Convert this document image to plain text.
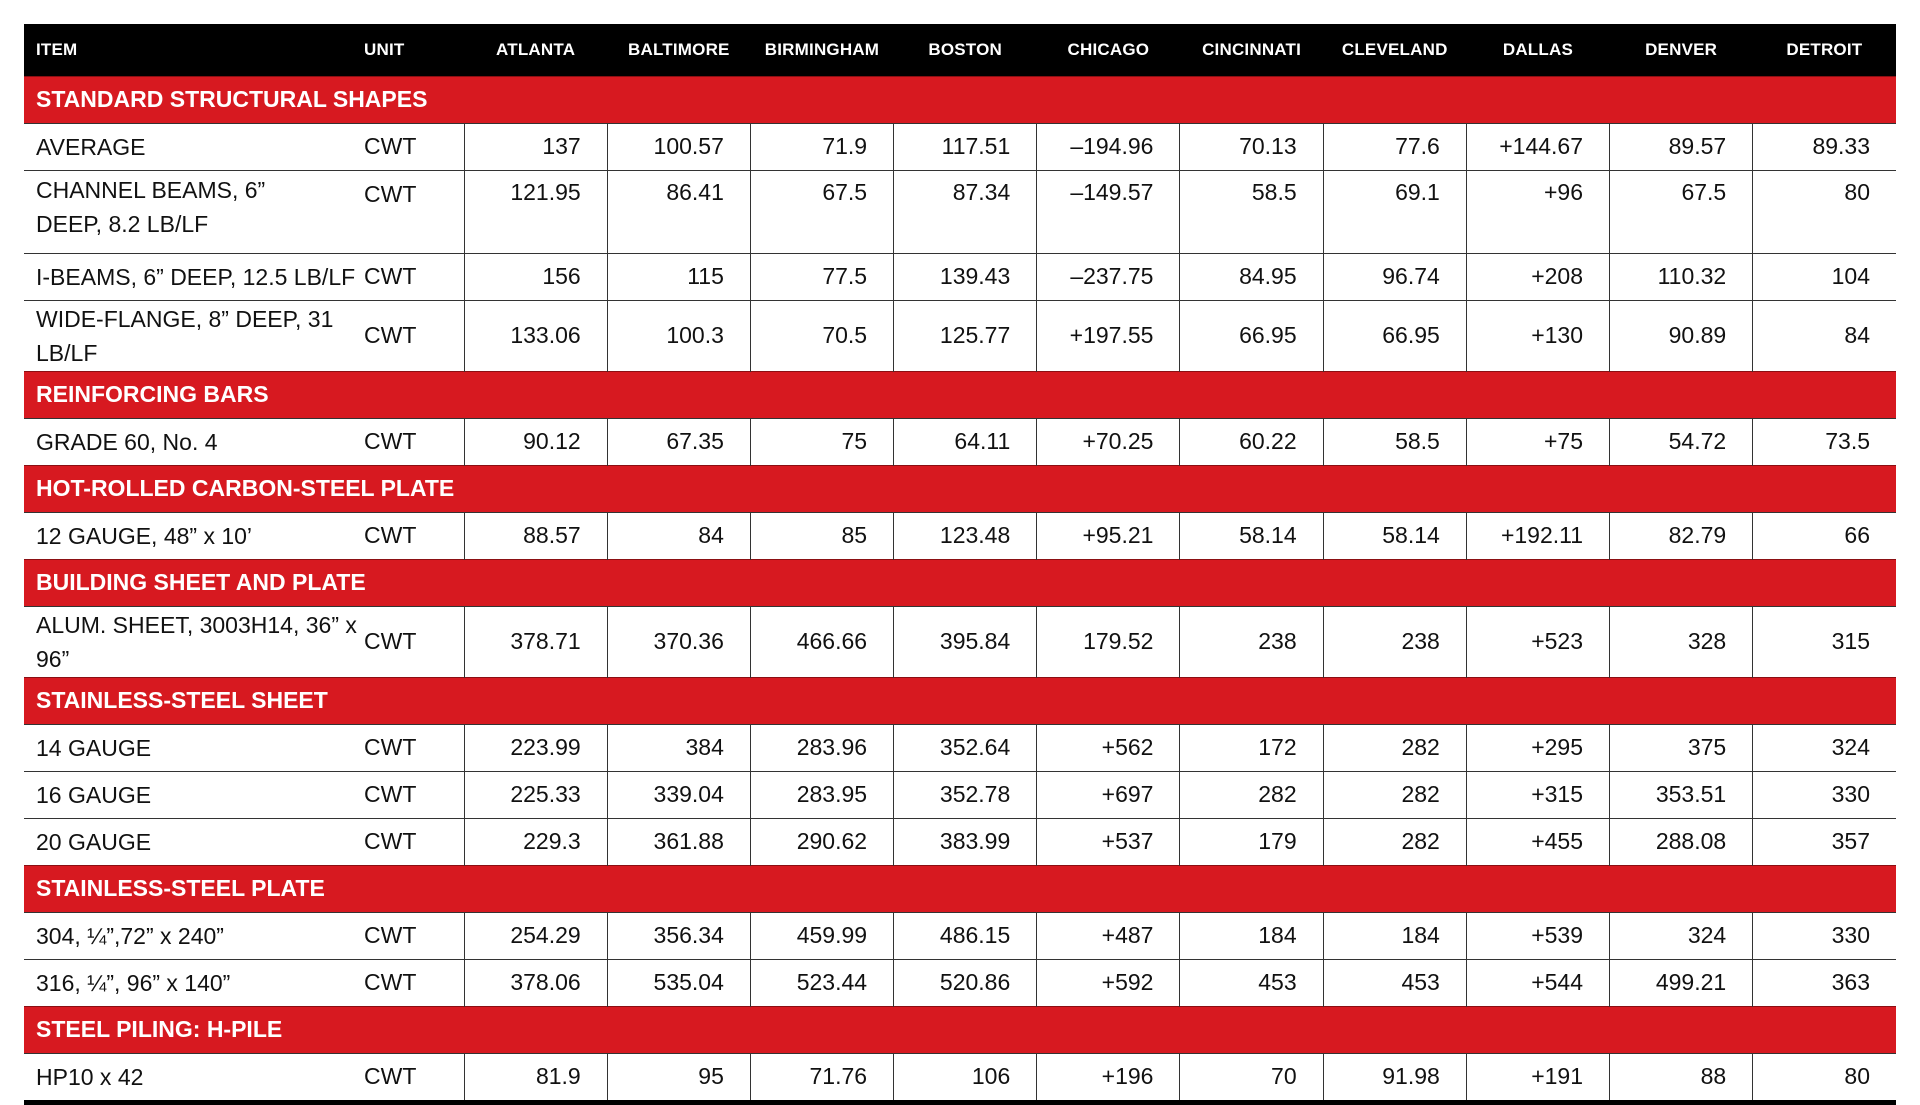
ITEM	UNIT	ATLANTA	BALTIMORE	BIRMINGHAM	BOSTON	CHICAGO	CINCINNATI	CLEVELAND	DALLAS	DENVER	DETROIT
STANDARD STRUCTURAL SHAPES											
AVERAGE	CWT	137	100.57	71.9	117.51	–194.96	70.13	77.6	+144.67	89.57	89.33
CHANNEL BEAMS, 6” DEEP, 8.2 LB/LF	CWT	121.95	86.41	67.5	87.34	–149.57	58.5	69.1	+96	67.5	80
I-BEAMS, 6” DEEP, 12.5 LB/LF	CWT	156	115	77.5	139.43	–237.75	84.95	96.74	+208	110.32	104
WIDE-FLANGE, 8” DEEP, 31 LB/LF	CWT	133.06	100.3	70.5	125.77	+197.55	66.95	66.95	+130	90.89	84
REINFORCING BARS											
GRADE 60, No. 4	CWT	90.12	67.35	75	64.11	+70.25	60.22	58.5	+75	54.72	73.5
HOT-ROLLED CARBON-STEEL PLATE											
12 GAUGE, 48” x 10’	CWT	88.57	84	85	123.48	+95.21	58.14	58.14	+192.11	82.79	66
BUILDING SHEET AND PLATE											
ALUM. SHEET, 3003H14, 36” x 96”	CWT	378.71	370.36	466.66	395.84	179.52	238	238	+523	328	315
STAINLESS-STEEL SHEET											
14 GAUGE	CWT	223.99	384	283.96	352.64	+562	172	282	+295	375	324
16 GAUGE	CWT	225.33	339.04	283.95	352.78	+697	282	282	+315	353.51	330
20 GAUGE	CWT	229.3	361.88	290.62	383.99	+537	179	282	+455	288.08	357
STAINLESS-STEEL PLATE											
304, ¼”,72” x 240”	CWT	254.29	356.34	459.99	486.15	+487	184	184	+539	324	330
316, ¼”, 96” x 140”	CWT	378.06	535.04	523.44	520.86	+592	453	453	+544	499.21	363
STEEL PILING: H-PILE											
HP10 x 42	CWT	81.9	95	71.76	106	+196	70	91.98	+191	88	80
